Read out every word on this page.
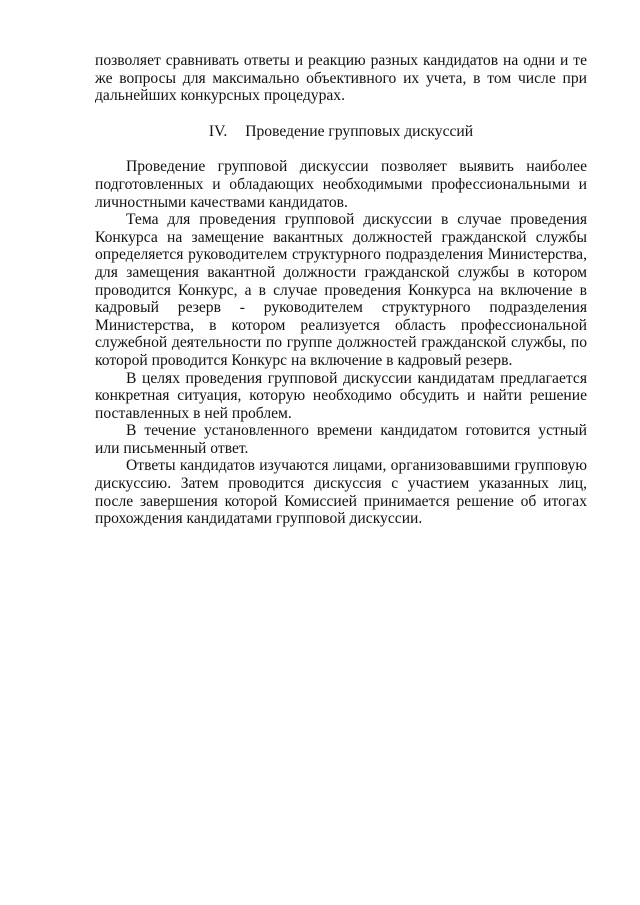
позволяет сравнивать ответы и реакцию разных кандидатов на одни и те же вопросы для максимально объективного их учета, в том числе при дальнейших конкурсных процедурах.

IV. Проведение групповых дискуссий

Проведение групповой дискуссии позволяет выявить наиболее подготовленных и обладающих необходимыми профессиональными и личностными качествами кандидатов.

Тема для проведения групповой дискуссии в случае проведения Конкурса на замещение вакантных должностей гражданской службы определяется руководителем структурного подразделения Министерства, для замещения вакантной должности гражданской службы в котором проводится Конкурс, а в случае проведения Конкурса на включение в кадровый резерв - руководителем структурного подразделения Министерства, в котором реализуется область профессиональной служебной деятельности по группе должностей гражданской службы, по которой проводится Конкурс на включение в кадровый резерв.

В целях проведения групповой дискуссии кандидатам предлагается конкретная ситуация, которую необходимо обсудить и найти решение поставленных в ней проблем.

В течение установленного времени кандидатом готовится устный или письменный ответ.

Ответы кандидатов изучаются лицами, организовавшими групповую дискуссию. Затем проводится дискуссия с участием указанных лиц, после завершения которой Комиссией принимается решение об итогах прохождения кандидатами групповой дискуссии.
